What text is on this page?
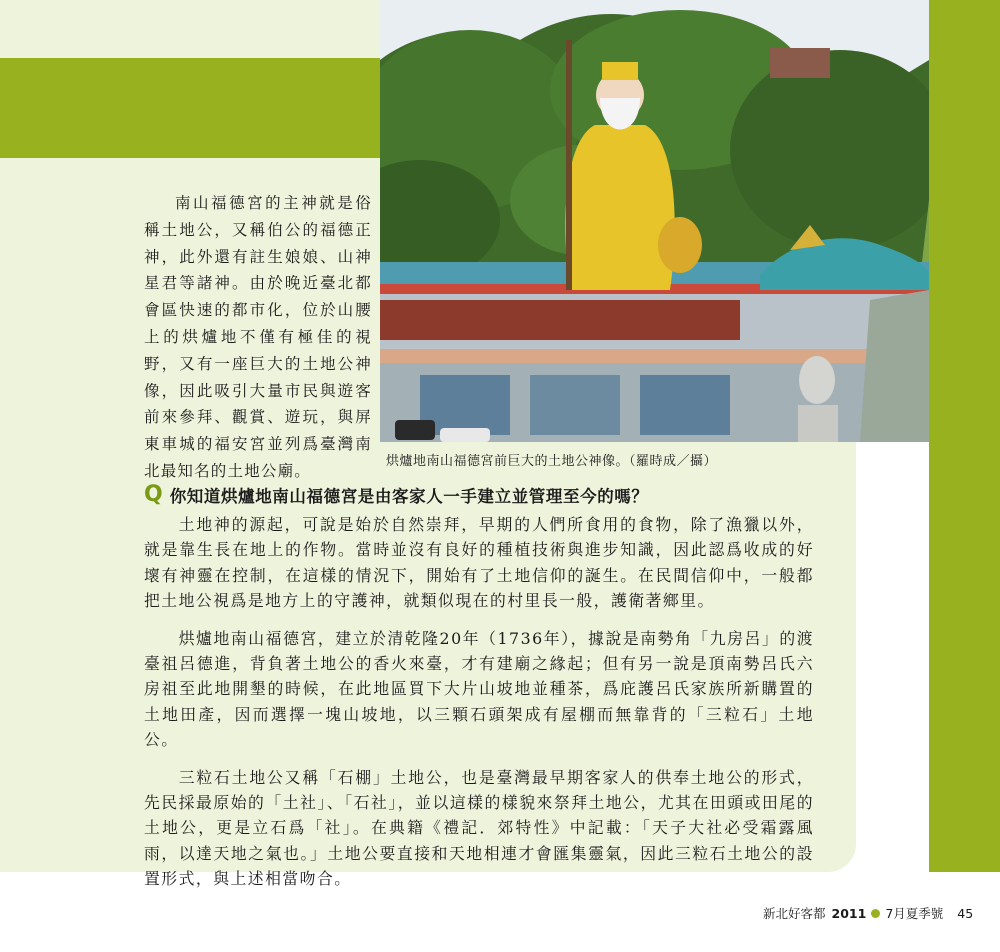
南山福德宮的主神就是俗稱土地公，又稱伯公的福德正神，此外還有註生娘娘、山神星君等諸神。由於晚近臺北都會區快速的都市化，位於山腰上的烘爐地不僅有極佳的視野，又有一座巨大的土地公神像，因此吸引大量市民與遊客前來參拜、觀賞、遊玩，與屏東車城的福安宮並列爲臺灣南北最知名的土地公廟。

烘爐地南山福德宮前巨大的土地公神像。（羅時成／攝）
Q 你知道烘爐地南山福德宮是由客家人一手建立並管理至今的嗎？

土地神的源起，可說是始於自然崇拜，早期的人們所食用的食物，除了漁獵以外，就是靠生長在地上的作物。當時並沒有良好的種植技術與進步知識，因此認爲收成的好壞有神靈在控制，在這樣的情況下，開始有了土地信仰的誕生。在民間信仰中，一般都把土地公視爲是地方上的守護神，就類似現在的村里長一般，護衛著鄉里。

烘爐地南山福德宮，建立於清乾隆20年（1736年），據說是南勢角「九房呂」的渡臺祖呂德進，背負著土地公的香火來臺，才有建廟之緣起；但有另一說是頂南勢呂氏六房祖至此地開墾的時候，在此地區買下大片山坡地並種茶，爲庇護呂氏家族所新購置的土地田產，因而選擇一塊山坡地，以三顆石頭架成有屋棚而無靠背的「三粒石」土地公。

三粒石土地公又稱「石棚」土地公，也是臺灣最早期客家人的供奉土地公的形式，先民採最原始的「土社」、「石社」，並以這樣的樣貌來祭拜土地公，尤其在田頭或田尾的土地公，更是立石爲「社」。在典籍《禮記．郊特性》中記載：「天子大社必受霜露風雨，以達天地之氣也。」土地公要直接和天地相連才會匯集靈氣，因此三粒石土地公的設置形式，與上述相當吻合。

新北好客都 2011 7月夏季號 45
